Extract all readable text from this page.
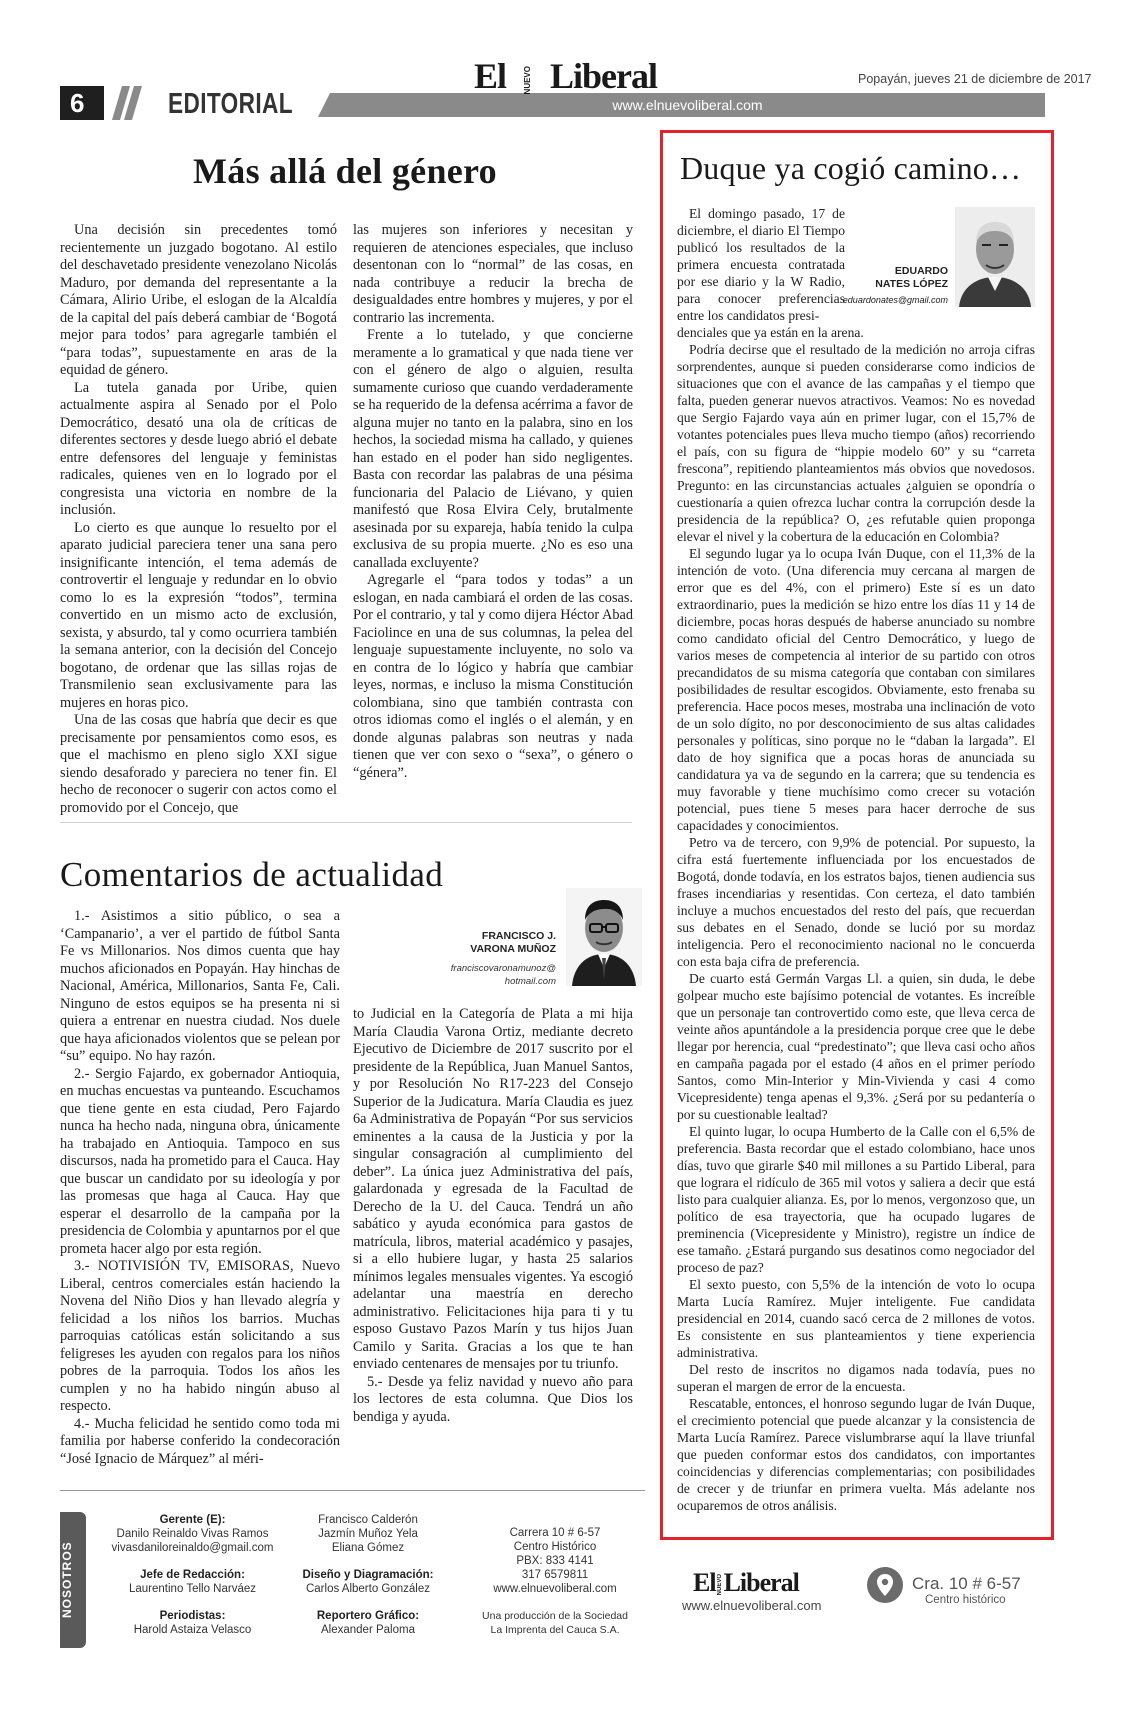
6	EDITORIAL	www.elnuevoliberal.com
El NUEVO Liberal	Popayán, jueves 21 de diciembre de 2017
Más allá del género

Una decisión sin precedentes tomó recientemente un juzgado bogotano. Al estilo del deschavetado presidente venezolano Nicolás Maduro, por demanda del representante a la Cámara, Alirio Uribe, el eslogan de la Alcaldía de la capital del país deberá cambiar de ‘Bogotá mejor para todos’ para agregarle también el “para todas”, supuestamente en aras de la equidad de género.

La tutela ganada por Uribe, quien actualmente aspira al Senado por el Polo Democrático, desató una ola de críticas de diferentes sectores y desde luego abrió el debate entre defensores del lenguaje y feministas radicales, quienes ven en lo logrado por el congresista una victoria en nombre de la inclusión.

Lo cierto es que aunque lo resuelto por el aparato judicial pareciera tener una sana pero insignificante intención, el tema además de controvertir el lenguaje y redundar en lo obvio como lo es la expresión “todos”, termina convertido en un mismo acto de exclusión, sexista, y absurdo, tal y como ocurriera también la semana anterior, con la decisión del Concejo bogotano, de ordenar que las sillas rojas de Transmilenio sean exclusivamente para las mujeres en horas pico.

Una de las cosas que habría que decir es que precisamente por pensamientos como esos, es que el machismo en pleno siglo XXI sigue siendo desaforado y pareciera no tener fin. El hecho de reconocer o sugerir con actos como el promovido por el Concejo, que

las mujeres son inferiores y necesitan y requieren de atenciones especiales, que incluso desentonan con lo “normal” de las cosas, en nada contribuye a reducir la brecha de desigualdades entre hombres y mujeres, y por el contrario las incrementa.

Frente a lo tutelado, y que concierne meramente a lo gramatical y que nada tiene ver con el género de algo o alguien, resulta sumamente curioso que cuando verdaderamente se ha requerido de la defensa acérrima a favor de alguna mujer no tanto en la palabra, sino en los hechos, la sociedad misma ha callado, y quienes han estado en el poder han sido negligentes. Basta con recordar las palabras de una pésima funcionaria del Palacio de Liévano, y quien manifestó que Rosa Elvira Cely, brutalmente asesinada por su expareja, había tenido la culpa exclusiva de su propia muerte. ¿No es eso una canallada excluyente?

Agregarle el “para todos y todas” a un eslogan, en nada cambiará el orden de las cosas. Por el contrario, y tal y como dijera Héctor Abad Faciolince en una de sus columnas, la pelea del lenguaje supuestamente incluyente, no solo va en contra de lo lógico y habría que cambiar leyes, normas, e incluso la misma Constitución colombiana, sino que también contrasta con otros idiomas como el inglés o el alemán, y en donde algunas palabras son neutras y nada tienen que ver con sexo o “sexa”, o género o “génera”.

Comentarios de actualidad
FRANCISCO J.
VARONA MUÑOZ
franciscovaronamunoz@
hotmail.com

1.- Asistimos a sitio público, o sea a ‘Campanario’, a ver el partido de fútbol Santa Fe vs Millonarios. Nos dimos cuenta que hay muchos aficionados en Popayán. Hay hinchas de Nacional, América, Millonarios, Santa Fe, Cali. Ninguno de estos equipos se ha presenta ni si quiera a entrenar en nuestra ciudad. Nos duele que haya aficionados violentos que se pelean por “su” equipo. No hay razón.

2.- Sergio Fajardo, ex gobernador Antioquia, en muchas encuestas va punteando. Escuchamos que tiene gente en esta ciudad, Pero Fajardo nunca ha hecho nada, ninguna obra, únicamente ha trabajado en Antioquia. Tampoco en sus discursos, nada ha prometido para el Cauca. Hay que buscar un candidato por su ideología y por las promesas que haga al Cauca. Hay que esperar el desarrollo de la campaña por la presidencia de Colombia y apuntarnos por el que prometa hacer algo por esta región.

3.- NOTIVISIÓN TV, EMISORAS, Nuevo Liberal, centros comerciales están haciendo la Novena del Niño Dios y han llevado alegría y felicidad a los niños los barrios. Muchas parroquias católicas están solicitando a sus feligreses les ayuden con regalos para los niños pobres de la parroquia. Todos los años les cumplen y no ha habido ningún abuso al respecto.

4.- Mucha felicidad he sentido como toda mi familia por haberse conferido la condecoración “José Ignacio de Márquez” al méri-

to Judicial en la Categoría de Plata a mi hija María Claudia Varona Ortiz, mediante decreto Ejecutivo de Diciembre de 2017 suscrito por el presidente de la República, Juan Manuel Santos, y por Resolución No R17-223 del Consejo Superior de la Judicatura. María Claudia es juez 6a Administrativa de Popayán “Por sus servicios eminentes a la causa de la Justicia y por la singular consagración al cumplimiento del deber”. La única juez Administrativa del país, galardonada y egresada de la Facultad de Derecho de la U. del Cauca. Tendrá un año sabático y ayuda económica para gastos de matrícula, libros, material académico y pasajes, si a ello hubiere lugar, y hasta 25 salarios mínimos legales mensuales vigentes. Ya escogió adelantar una maestría en derecho administrativo. Felicitaciones hija para ti y tu esposo Gustavo Pazos Marín y tus hijos Juan Camilo y Sarita. Gracias a los que te han enviado centenares de mensajes por tu triunfo.

5.- Desde ya feliz navidad y nuevo año para los lectores de esta columna. Que Dios los bendiga y ayuda.

Duque ya cogió camino…

El domingo pasado, 17 de diciembre, el diario El Tiempo publicó los resultados de la primera encuesta contratada por ese diario y la W Radio, para conocer preferencias entre los candidatos presi-

EDUARDO
NATES LÓPEZ
eduardonates@gmail.com

denciales que ya están en la arena.

Podría decirse que el resultado de la medición no arroja cifras sorprendentes, aunque si pueden considerarse como indicios de situaciones que con el avance de las campañas y el tiempo que falta, pueden generar nuevos atractivos. Veamos: No es novedad que Sergio Fajardo vaya aún en primer lugar, con el 15,7% de votantes potenciales pues lleva mucho tiempo (años) recorriendo el país, con su figura de “hippie modelo 60” y su “carreta frescona”, repitiendo planteamientos más obvios que novedosos. Pregunto: en las circunstancias actuales ¿alguien se opondría o cuestionaría a quien ofrezca luchar contra la corrupción desde la presidencia de la república? O, ¿es refutable quien proponga elevar el nivel y la cobertura de la educación en Colombia?

El segundo lugar ya lo ocupa Iván Duque, con el 11,3% de la intención de voto. (Una diferencia muy cercana al margen de error que es del 4%, con el primero) Este sí es un dato extraordinario, pues la medición se hizo entre los días 11 y 14 de diciembre, pocas horas después de haberse anunciado su nombre como candidato oficial del Centro Democrático, y luego de varios meses de competencia al interior de su partido con otros precandidatos de su misma categoría que contaban con similares posibilidades de resultar escogidos. Obviamente, esto frenaba su preferencia. Hace pocos meses, mostraba una inclinación de voto de un solo dígito, no por desconocimiento de sus altas calidades personales y políticas, sino porque no le “daban la largada”. El dato de hoy significa que a pocas horas de anunciada su candidatura ya va de segundo en la carrera; que su tendencia es muy favorable y tiene muchísimo como crecer su votación potencial, pues tiene 5 meses para hacer derroche de sus capacidades y conocimientos.

Petro va de tercero, con 9,9% de potencial. Por supuesto, la cifra está fuertemente influenciada por los encuestados de Bogotá, donde todavía, en los estratos bajos, tienen audiencia sus frases incendiarias y resentidas. Con certeza, el dato también incluye a muchos encuestados del resto del país, que recuerdan sus debates en el Senado, donde se lució por su mordaz inteligencia. Pero el reconocimiento nacional no le concuerda con esta baja cifra de preferencia.

De cuarto está Germán Vargas Ll. a quien, sin duda, le debe golpear mucho este bajísimo potencial de votantes. Es increíble que un personaje tan controvertido como este, que lleva cerca de veinte años apuntándole a la presidencia porque cree que le debe llegar por herencia, cual “predestinato”; que lleva casi ocho años en campaña pagada por el estado (4 años en el primer período Santos, como Min-Interior y Min-Vivienda y casi 4 como Vicepresidente) tenga apenas el 9,3%. ¿Será por su pedantería o por su cuestionable lealtad?

El quinto lugar, lo ocupa Humberto de la Calle con el 6,5% de preferencia. Basta recordar que el estado colombiano, hace unos días, tuvo que girarle $40 mil millones a su Partido Liberal, para que lograra el ridículo de 365 mil votos y saliera a decir que está listo para cualquier alianza. Es, por lo menos, vergonzoso que, un político de esa trayectoria, que ha ocupado lugares de preminencia (Vicepresidente y Ministro), registre un índice de ese tamaño. ¿Estará purgando sus desatinos como negociador del proceso de paz?

El sexto puesto, con 5,5% de la intención de voto lo ocupa Marta Lucía Ramírez. Mujer inteligente. Fue candidata presidencial en 2014, cuando sacó cerca de 2 millones de votos. Es consistente en sus planteamientos y tiene experiencia administrativa.

Del resto de inscritos no digamos nada todavía, pues no superan el margen de error de la encuesta.

Rescatable, entonces, el honroso segundo lugar de Iván Duque, el crecimiento potencial que puede alcanzar y la consistencia de Marta Lucía Ramírez. Parece vislumbrarse aquí la llave triunfal que pueden conformar estos dos candidatos, con importantes coincidencias y diferencias complementarias; con posibilidades de crecer y de triunfar en primera vuelta. Más adelante nos ocuparemos de otros análisis.

NOSOTROS
Gerente (E):
Danilo Reinaldo Vivas Ramos
vivasdaniloreinaldo@gmail.com
Jefe de Redacción:
Laurentino Tello Narváez
Periodistas:
Harold Astaiza Velasco
Francisco Calderón
Jazmín Muñoz Yela
Eliana Gómez
Diseño y Diagramación:
Carlos Alberto González
Reportero Gráfico:
Alexander Paloma
Carrera 10 # 6-57
Centro Histórico
PBX: 833 4141
317 6579811
www.elnuevoliberal.com
Una producción de la Sociedad
La Imprenta del Cauca S.A.
ElNUEVOLiberal
www.elnuevoliberal.com
Cra. 10 # 6-57
Centro histórico
